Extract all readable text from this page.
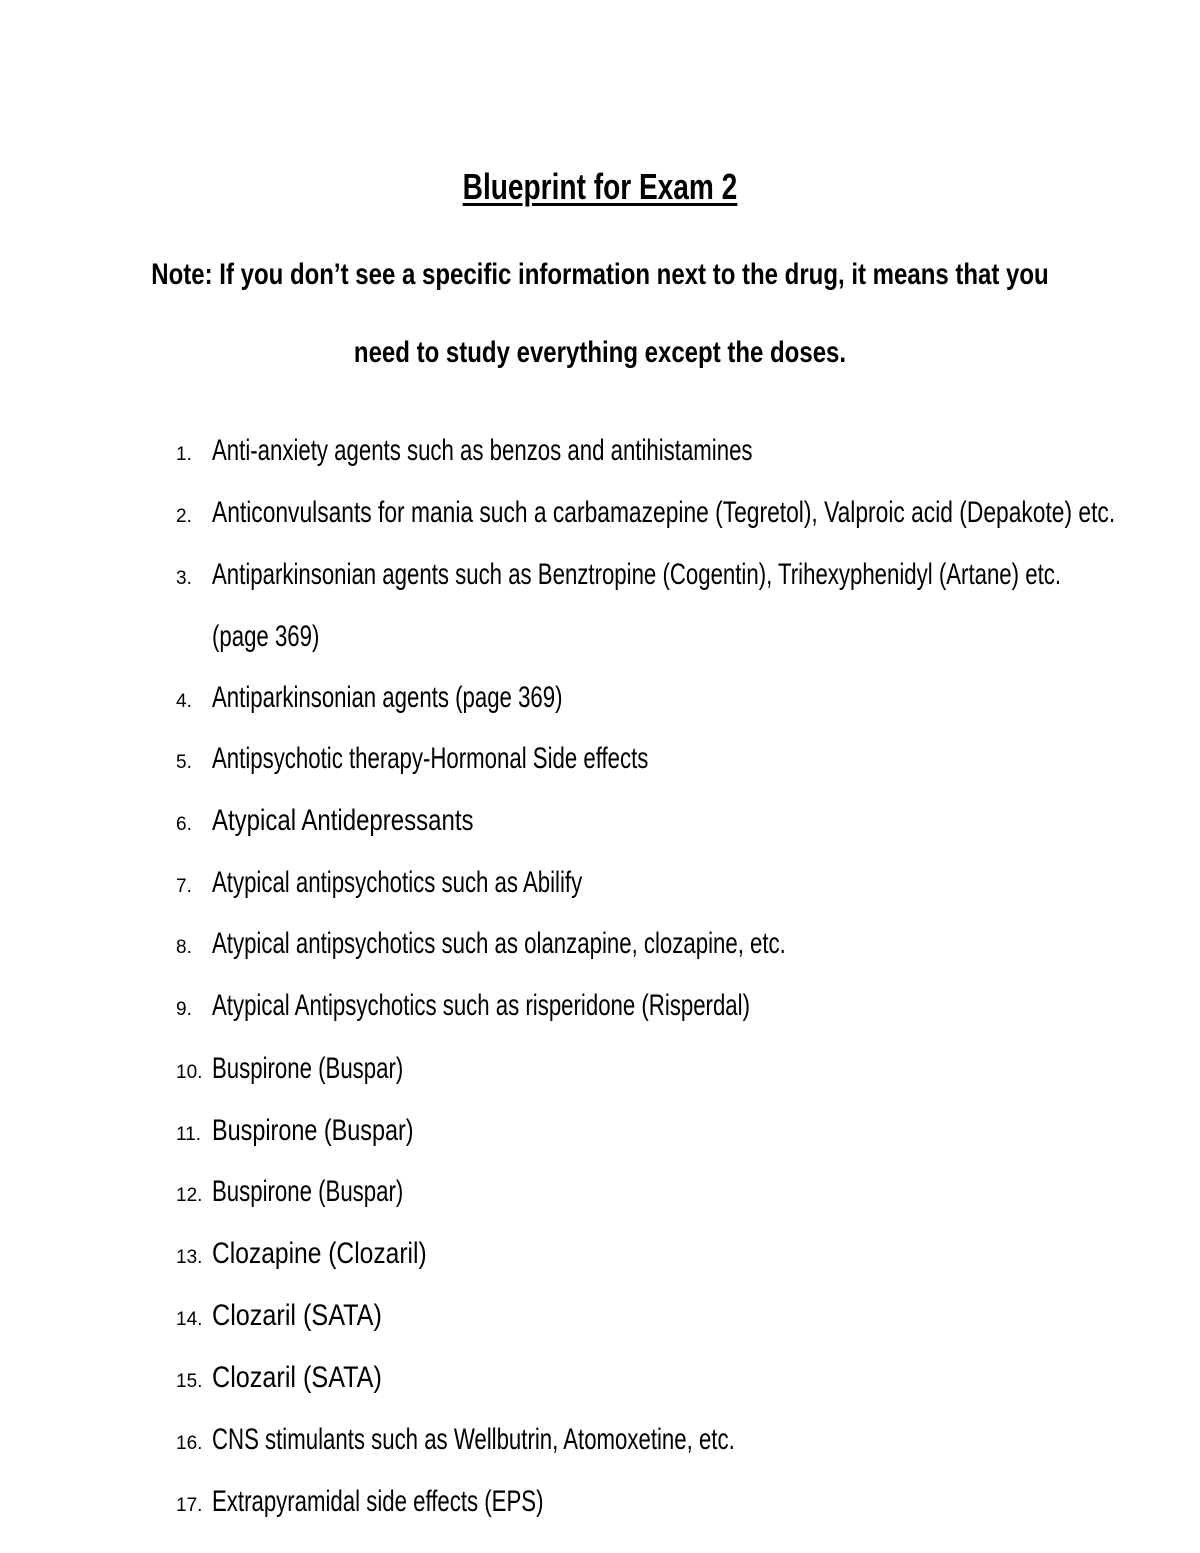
Blueprint for Exam 2
Note: If you don’t see a specific information next to the drug, it means that you
need to study everything except the doses.
1. Anti-anxiety agents such as benzos and antihistamines
2. Anticonvulsants for mania such a carbamazepine (Tegretol), Valproic acid (Depakote) etc.
3. Antiparkinsonian agents such as Benztropine (Cogentin), Trihexyphenidyl (Artane) etc.
(page 369)
4. Antiparkinsonian agents (page 369)
5. Antipsychotic therapy-Hormonal Side effects
6. Atypical Antidepressants
7. Atypical antipsychotics such as Abilify
8. Atypical antipsychotics such as olanzapine, clozapine, etc.
9. Atypical Antipsychotics such as risperidone (Risperdal)
10. Buspirone (Buspar)
11. Buspirone (Buspar)
12. Buspirone (Buspar)
13. Clozapine (Clozaril)
14. Clozaril (SATA)
15. Clozaril (SATA)
16. CNS stimulants such as Wellbutrin, Atomoxetine, etc.
17. Extrapyramidal side effects (EPS)
